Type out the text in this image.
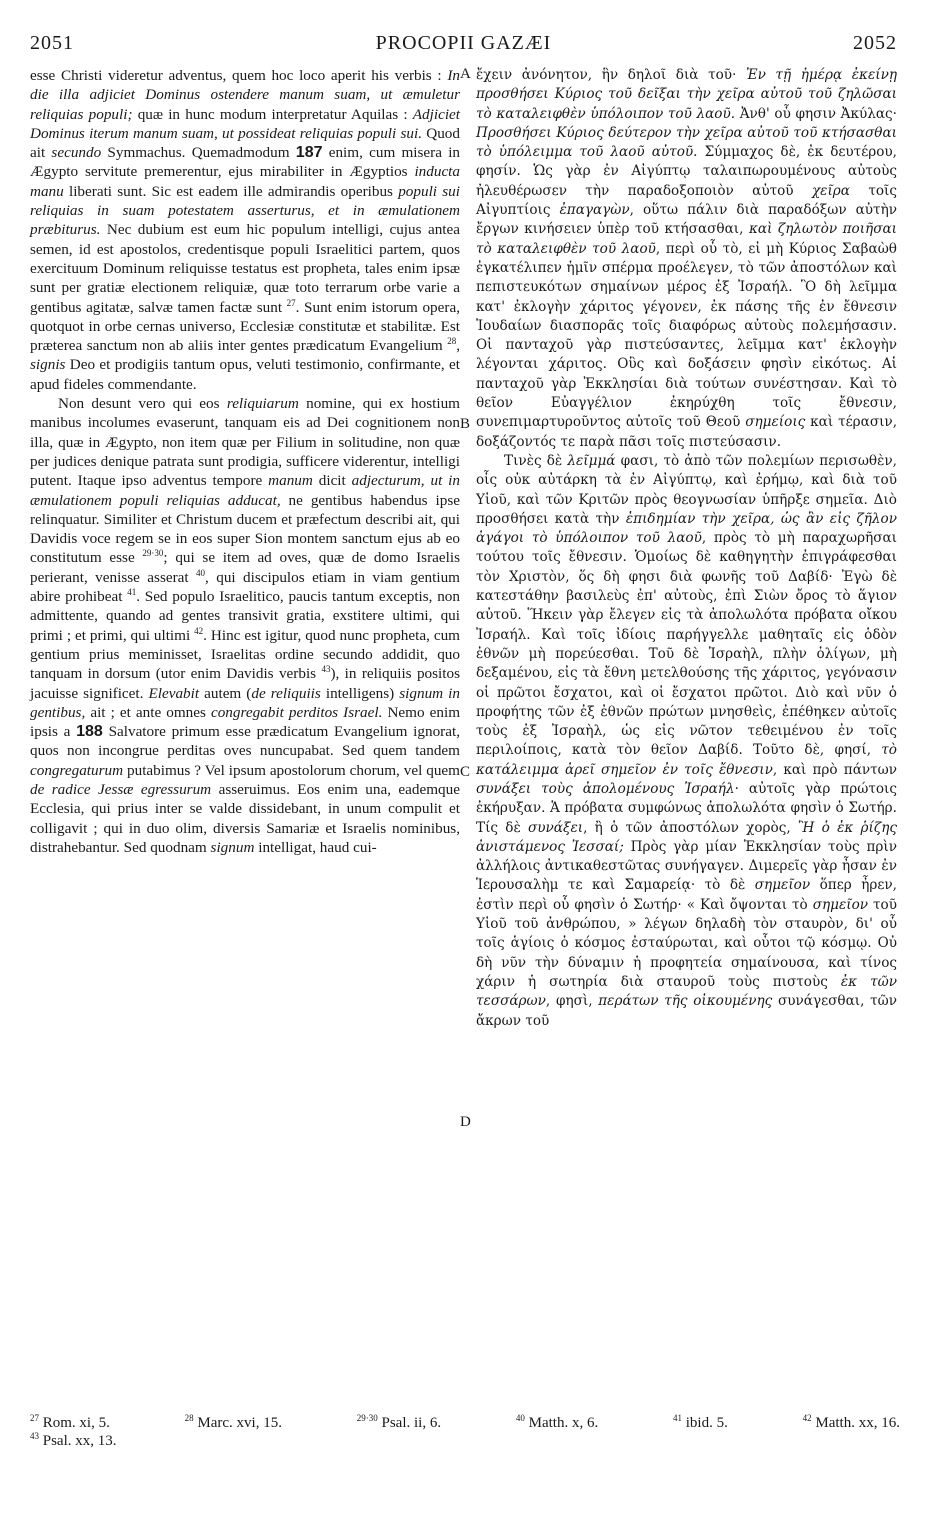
2051	PROCOPII GAZÆI	2052
A
B
C
D

esse Christi videretur adventus, quem hoc loco aperit his verbis : In die illa adjiciet Dominus ostendere manum suam, ut æmuletur reliquias populi; quæ in hunc modum interpretatur Aquilas : Adjiciet Dominus iterum manum suam, ut possideat reliquias populi sui. Quod ait secundo Symmachus. Quemadmodum 187 enim, cum misera in Ægypto servitute premerentur, ejus mirabiliter in Ægyptios inducta manu liberati sunt. Sic est eadem ille admirandis operibus populi sui reliquias in suam potestatem asserturus, et in æmulationem præbiturus. Nec dubium est eum hic populum intelligi, cujus antea semen, id est apostolos, credentisque populi Israelitici partem, quos exercituum Dominum reliquisse testatus est propheta, tales enim ipsæ sunt per gratiæ electionem reliquiæ, quæ toto terrarum orbe varie a gentibus agitatæ, salvæ tamen factæ sunt $^{27}$. Sunt enim istorum opera, quotquot in orbe cernas universo, Ecclesiæ constitutæ et stabilitæ. Est præterea sanctum non ab aliis inter gentes prædicatum Evangelium $^{28}$, signis Deo et prodigiis tantum opus, veluti testimonio, confirmante, et apud fideles commendante.

Non desunt vero qui eos reliquiarum nomine, qui ex hostium manibus incolumes evaserunt, tanquam eis ad Dei cognitionem non illa, quæ in Ægypto, non item quæ per Filium in solitudine, non quæ per judices denique patrata sunt prodigia, sufficere viderentur, intelligi putent. Itaque ipso adventus tempore manum dicit adjecturum, ut in æmulationem populi reliquias adducat, ne gentibus habendus ipse relinquatur. Similiter et Christum ducem et præfectum describi ait, qui Davidis voce regem se in eos super Sion montem sanctum ejus ab eo constitutum esse $^{29\cdot 30}$; qui se item ad oves, quæ de domo Israelis perierant, venisse asserat $^{40}$, qui discipulos etiam in viam gentium abire prohibeat $^{41}$. Sed populo Israelitico, paucis tantum exceptis, non admittente, quando ad gentes transivit gratia, exstitere ultimi, qui primi ; et primi, qui ultimi $^{42}$. Hinc est igitur, quod nunc propheta, cum gentium prius meminisset, Israelitas ordine secundo addidit, quo tanquam in dorsum (utor enim Davidis verbis $^{43}$), in reliquiis positos jacuisse significet. Elevabit autem (de reliquiis intelligens) signum in gentibus, ait ; et ante omnes congregabit perditos Israel. Nemo enim ipsis a 188 Salvatore primum esse prædicatum Evangelium ignorat, quos non incongrue perditas oves nuncupabat. Sed quem tandem congregaturum putabimus ? Vel ipsum apostolorum chorum, vel quem de radice Jessæ egressurum asseruimus. Eos enim una, eademque Ecclesia, qui prius inter se valde dissidebant, in unum compulit et colligavit ; qui in duo olim, diversis Samariæ et Israelis nominibus, distrahebantur. Sed quodnam signum intelligat, haud cui-

ἔχειν ἀνόνητον, ἣν δηλοῖ διὰ τοῦ· Ἐν τῇ ἡμέρᾳ ἐκείνῃ προσθήσει Κύριος τοῦ δεῖξαι τὴν χεῖρα αὐτοῦ τοῦ ζηλῶσαι τὸ καταλειφθὲν ὑπόλοιπον τοῦ λαοῦ. Ἀνθ' οὗ φησιν Ἀκύλας· Προσθήσει Κύριος δεύτερον τὴν χεῖρα αὐτοῦ τοῦ κτήσασθαι τὸ ὑπόλειμμα τοῦ λαοῦ αὐτοῦ. Σύμμαχος δὲ, ἐκ δευτέρου, φησίν. Ὡς γὰρ ἐν Αἰγύπτῳ ταλαιπωρουμένους αὐτοὺς ἠλευθέρωσεν τὴν παραδοξοποιὸν αὐτοῦ χεῖρα τοῖς Αἰγυπτίοις ἐπαγαγὼν, οὕτω πάλιν διὰ παραδόξων αὐτὴν ἔργων κινήσειεν ὑπὲρ τοῦ κτήσασθαι, καὶ ζηλωτὸν ποιῆσαι τὸ καταλειφθὲν τοῦ λαοῦ, περὶ οὗ τὸ, εἰ μὴ Κύριος Σαβαὼθ ἐγκατέλιπεν ἡμῖν σπέρμα προέλεγεν, τὸ τῶν ἀποστόλων καὶ πεπιστευκότων σημαίνων μέρος ἐξ Ἰσραήλ. Ὃ δὴ λεῖμμα κατ' ἐκλογὴν χάριτος γέγονεν, ἐκ πάσης τῆς ἐν ἔθνεσιν Ἰουδαίων διασπορᾶς τοῖς διαφόρως αὐτοὺς πολεμήσασιν. Οἱ πανταχοῦ γὰρ πιστεύσαντες, λεῖμμα κατ' ἐκλογὴν λέγονται χάριτος. Οὓς καὶ δοξάσειν φησὶν εἰκότως. Αἱ πανταχοῦ γὰρ Ἐκκλησίαι διὰ τούτων συνέστησαν. Καὶ τὸ θεῖον Εὐαγγέλιον ἐκηρύχθη τοῖς ἔθνεσιν, συνεπιμαρτυροῦντος αὐτοῖς τοῦ Θεοῦ σημείοις καὶ τέρασιν, δοξάζοντός τε παρὰ πᾶσι τοῖς πιστεύσασιν.

Τινὲς δὲ λεῖμμά φασι, τὸ ἀπὸ τῶν πολεμίων περισωθὲν, οἷς οὐκ αὐτάρκη τὰ ἐν Αἰγύπτῳ, καὶ ἐρήμῳ, καὶ διὰ τοῦ Υἱοῦ, καὶ τῶν Κριτῶν πρὸς θεογνωσίαν ὑπῆρξε σημεῖα. Διὸ προσθήσει κατὰ τὴν ἐπιδημίαν τὴν χεῖρα, ὡς ἂν εἰς ζῆλον ἀγάγοι τὸ ὑπόλοιπον τοῦ λαοῦ, πρὸς τὸ μὴ παραχωρῆσαι τούτου τοῖς ἔθνεσιν. Ὁμοίως δὲ καθηγητὴν ἐπιγράφεσθαι τὸν Χριστὸν, ὅς δὴ φησι διὰ φωνῆς τοῦ Δαβίδ· Ἐγὼ δὲ κατεστάθην βασιλεὺς ἐπ' αὐτοὺς, ἐπὶ Σιὼν ὄρος τὸ ἅγιον αὐτοῦ. Ἥκειν γὰρ ἔλεγεν εἰς τὰ ἀπολωλότα πρόβατα οἴκου Ἰσραήλ. Καὶ τοῖς ἰδίοις παρήγγελλε μαθηταῖς εἰς ὁδὸν ἐθνῶν μὴ πορεύεσθαι. Τοῦ δὲ Ἰσραὴλ, πλὴν ὀλίγων, μὴ δεξαμένου, εἰς τὰ ἔθνη μετελθούσης τῆς χάριτος, γεγόνασιν οἱ πρῶτοι ἔσχατοι, καὶ οἱ ἔσχατοι πρῶτοι. Διὸ καὶ νῦν ὁ προφήτης τῶν ἐξ ἐθνῶν πρώτων μνησθεὶς, ἐπέθηκεν αὐτοῖς τοὺς ἐξ Ἰσραὴλ, ὡς εἰς νῶτον τεθειμένου ἐν τοῖς περιλοίποις, κατὰ τὸν θεῖον Δαβίδ. Τοῦτο δὲ, φησί, τὸ κατάλειμμα ἀρεῖ σημεῖον ἐν τοῖς ἔθνεσιν, καὶ πρὸ πάντων συνάξει τοὺς ἀπολομένους Ἰσραήλ· αὐτοῖς γὰρ πρώτοις ἐκήρυξαν. Ἁ πρόβατα συμφώνως ἀπολωλότα φησὶν ὁ Σωτήρ. Τίς δὲ συνάξει, ἢ ὁ τῶν ἀποστόλων χορὸς, Ἢ ὁ ἐκ ῥίζης ἀνιστάμενος Ἰεσσαί; Πρὸς γὰρ μίαν Ἐκκλησίαν τοὺς πρὶν ἀλλήλοις ἀντικαθεστῶτας συνήγαγεν. Διμερεῖς γὰρ ἦσαν ἐν Ἱερουσαλὴμ τε καὶ Σαμαρείᾳ· τὸ δὲ σημεῖον ὅπερ ἦρεν, ἐστὶν περὶ οὗ φησὶν ὁ Σωτήρ· « Καὶ ὄψονται τὸ σημεῖον τοῦ Υἱοῦ τοῦ ἀνθρώπου, » λέγων δηλαδὴ τὸν σταυρὸν, δι' οὗ τοῖς ἁγίοις ὁ κόσμος ἐσταύρωται, καὶ οὗτοι τῷ κόσμῳ. Οὐ δὴ νῦν τὴν δύναμιν ἡ προφητεία σημαίνουσα, καὶ τίνος χάριν ἡ σωτηρία διὰ σταυροῦ τοὺς πιστοὺς ἐκ τῶν τεσσάρων, φησὶ, περάτων τῆς οἰκουμένης συνάγεσθαι, τῶν ἄκρων τοῦ

$^{27}$ Rom. xi, 5.	$^{28}$ Marc. xvi, 15.	$^{29\cdot 30}$ Psal. ii, 6.	$^{40}$ Matth. x, 6.	$^{41}$ ibid. 5.	$^{42}$ Matth. xx, 16.
$^{43}$ Psal. xx, 13.
